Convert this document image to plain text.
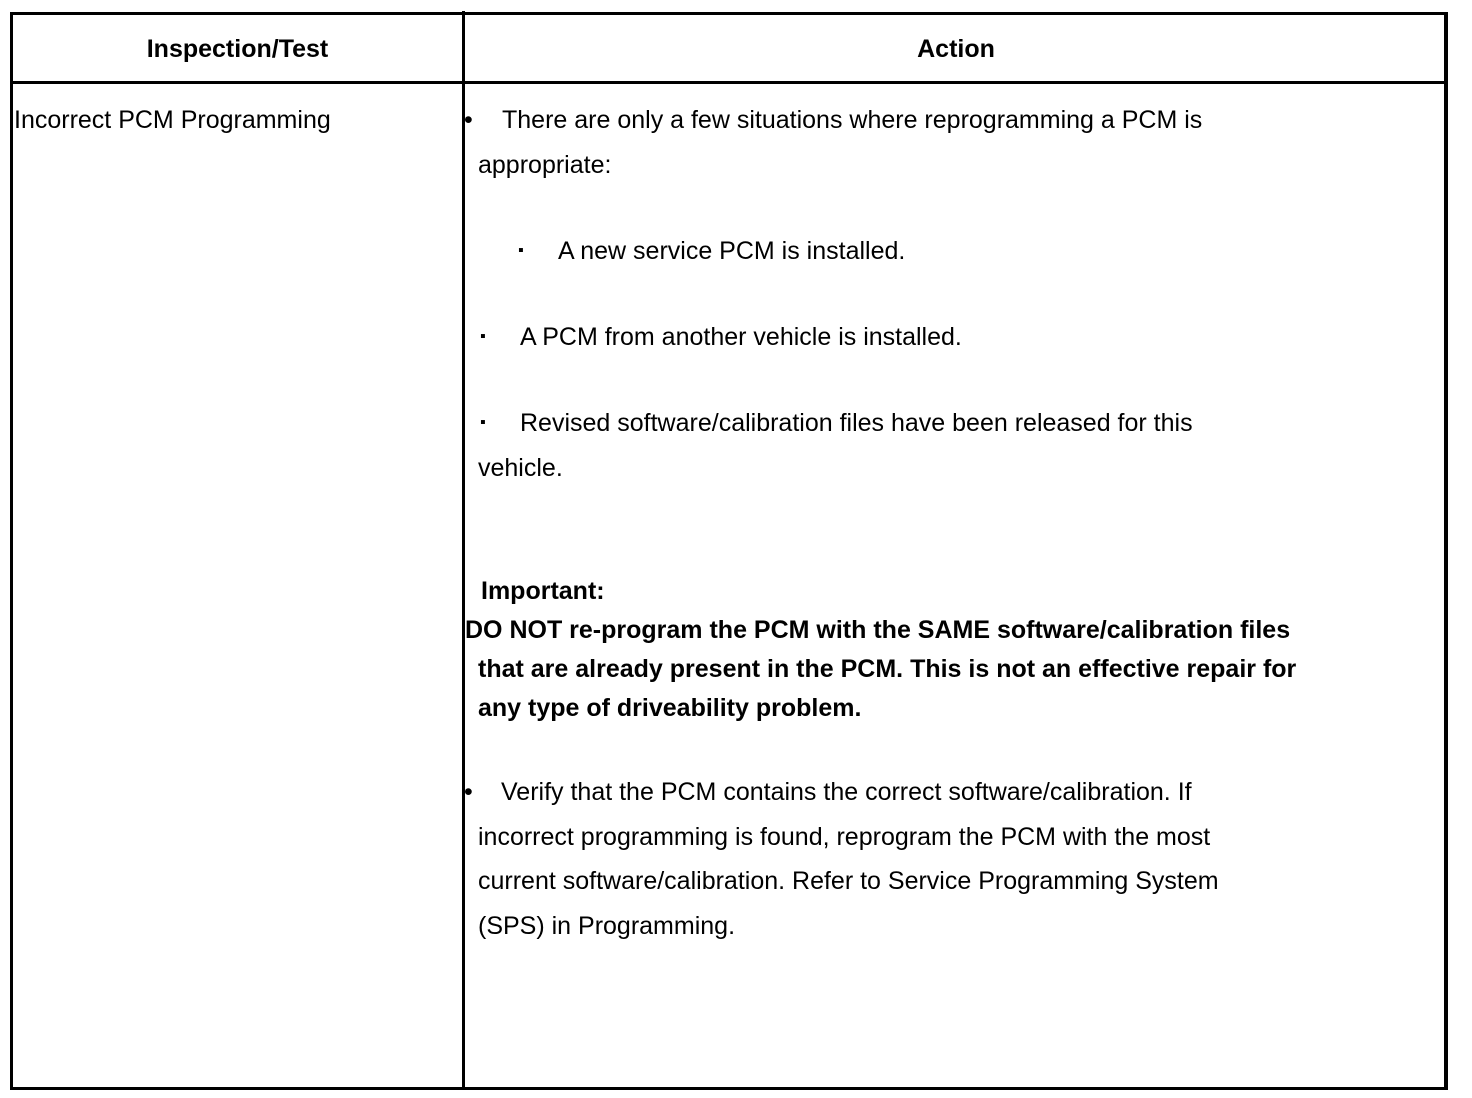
Inspection/Test	Action
Incorrect PCM Programming	• There are only a few situations where reprogramming a PCM is
appropriate:
▪ A new service PCM is installed.
▪ A PCM from another vehicle is installed.
▪ Revised software/calibration files have been released for this
vehicle.
Important:
DO NOT re-program the PCM with the SAME software/calibration files
that are already present in the PCM. This is not an effective repair for
any type of driveability problem.
• Verify that the PCM contains the correct software/calibration. If
incorrect programming is found, reprogram the PCM with the most
current software/calibration. Refer to Service Programming System
(SPS) in Programming.
